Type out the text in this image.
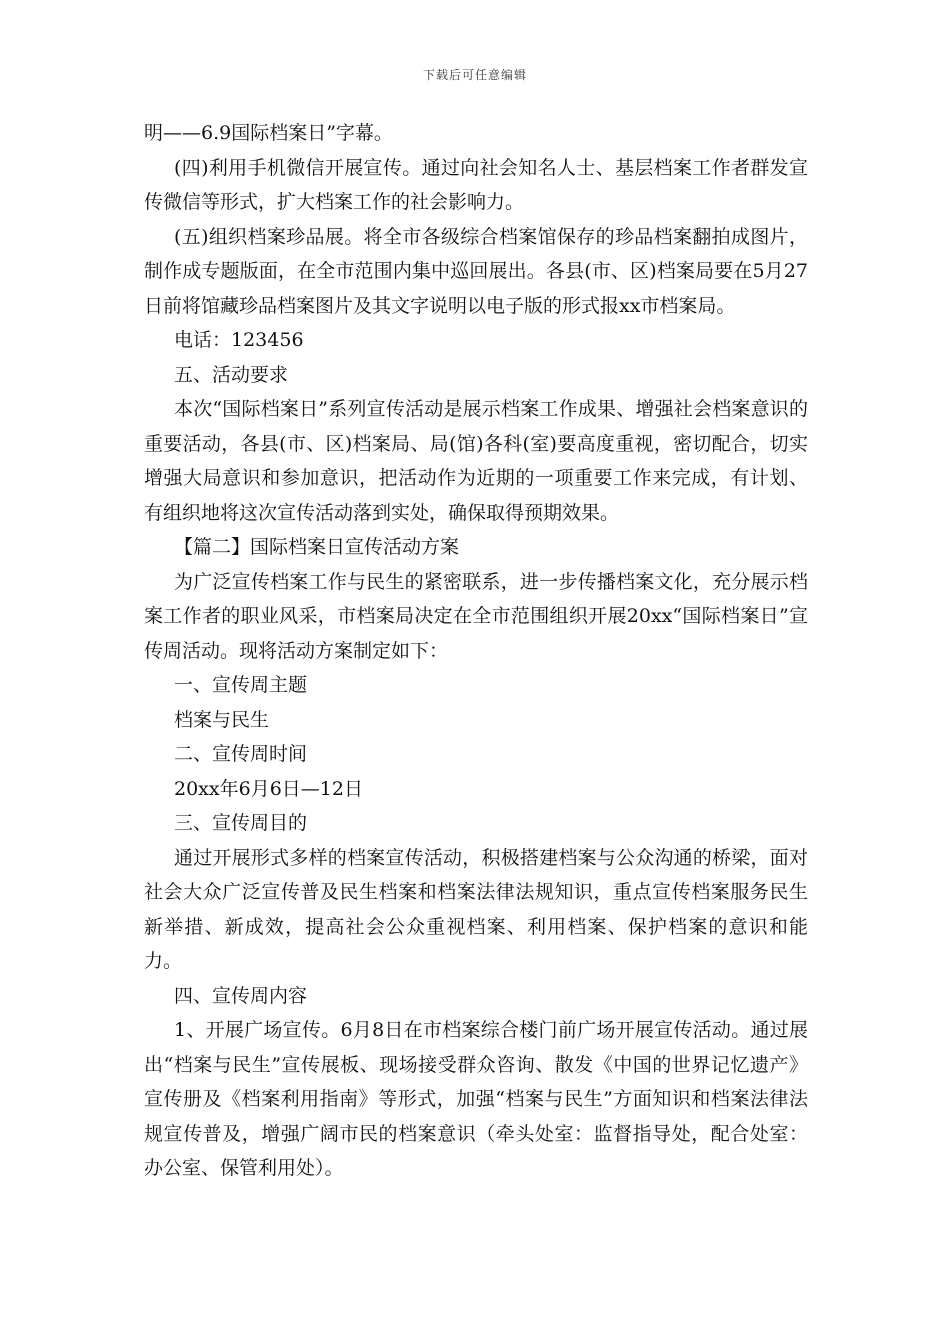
下载后可任意编辑

明——6.9国际档案日”字幕。

(四)利用手机微信开展宣传。通过向社会知名人士、基层档案工作者群发宣传微信等形式，扩大档案工作的社会影响力。

(五)组织档案珍品展。将全市各级综合档案馆保存的珍品档案翻拍成图片，制作成专题版面，在全市范围内集中巡回展出。各县(市、区)档案局要在5月27日前将馆藏珍品档案图片及其文字说明以电子版的形式报xx市档案局。

电话：123456

五、活动要求

本次“国际档案日”系列宣传活动是展示档案工作成果、增强社会档案意识的重要活动，各县(市、区)档案局、局(馆)各科(室)要高度重视，密切配合，切实增强大局意识和参加意识，把活动作为近期的一项重要工作来完成，有计划、有组织地将这次宣传活动落到实处，确保取得预期效果。

【篇二】国际档案日宣传活动方案

为广泛宣传档案工作与民生的紧密联系，进一步传播档案文化，充分展示档案工作者的职业风采，市档案局决定在全市范围组织开展20xx“国际档案日”宣传周活动。现将活动方案制定如下：

一、宣传周主题

档案与民生

二、宣传周时间

20xx年6月6日—12日

三、宣传周目的

通过开展形式多样的档案宣传活动，积极搭建档案与公众沟通的桥梁，面对社会大众广泛宣传普及民生档案和档案法律法规知识，重点宣传档案服务民生新举措、新成效，提高社会公众重视档案、利用档案、保护档案的意识和能力。

四、宣传周内容

1、开展广场宣传。6月8日在市档案综合楼门前广场开展宣传活动。通过展出“档案与民生”宣传展板、现场接受群众咨询、散发《中国的世界记忆遗产》宣传册及《档案利用指南》等形式，加强“档案与民生”方面知识和档案法律法规宣传普及，增强广阔市民的档案意识（牵头处室：监督指导处，配合处室：办公室、保管利用处）。
